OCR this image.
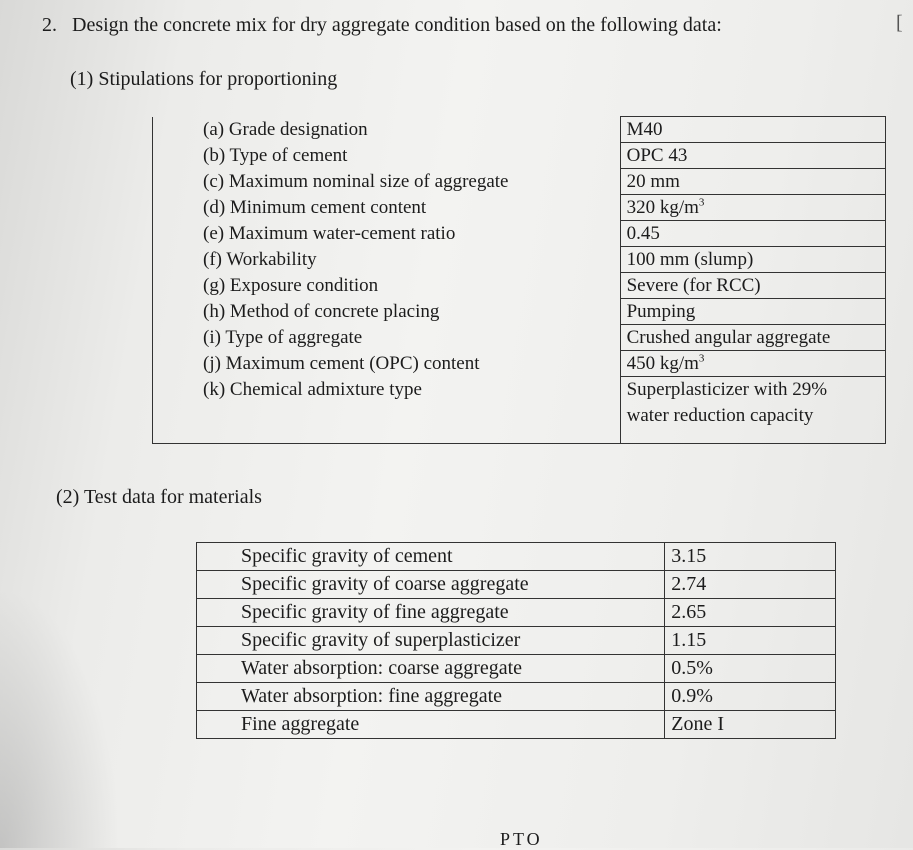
2. Design the concrete mix for dry aggregate condition based on the following data:	[
(1) Stipulations for proportioning
(a) Grade designation	M40
(b) Type of cement	OPC 43
(c) Maximum nominal size of aggregate	20 mm
(d) Minimum cement content	320 $kg/m^3$
(e) Maximum water-cement ratio	0.45
(f) Workability	100 mm (slump)
(g) Exposure condition	Severe (for RCC)
(h) Method of concrete placing	Pumping
(i) Type of aggregate	Crushed angular aggregate
(j) Maximum cement (OPC) content	450 $kg/m^3$
(k) Chemical admixture type	Superplasticizer with 29%
water reduction capacity
(2) Test data for materials
Specific gravity of cement	3.15
Specific gravity of coarse aggregate	2.74
Specific gravity of fine aggregate	2.65
Specific gravity of superplasticizer	1.15
Water absorption: coarse aggregate	0.5%
Water absorption: fine aggregate	0.9%
Fine aggregate	Zone I
PTO
